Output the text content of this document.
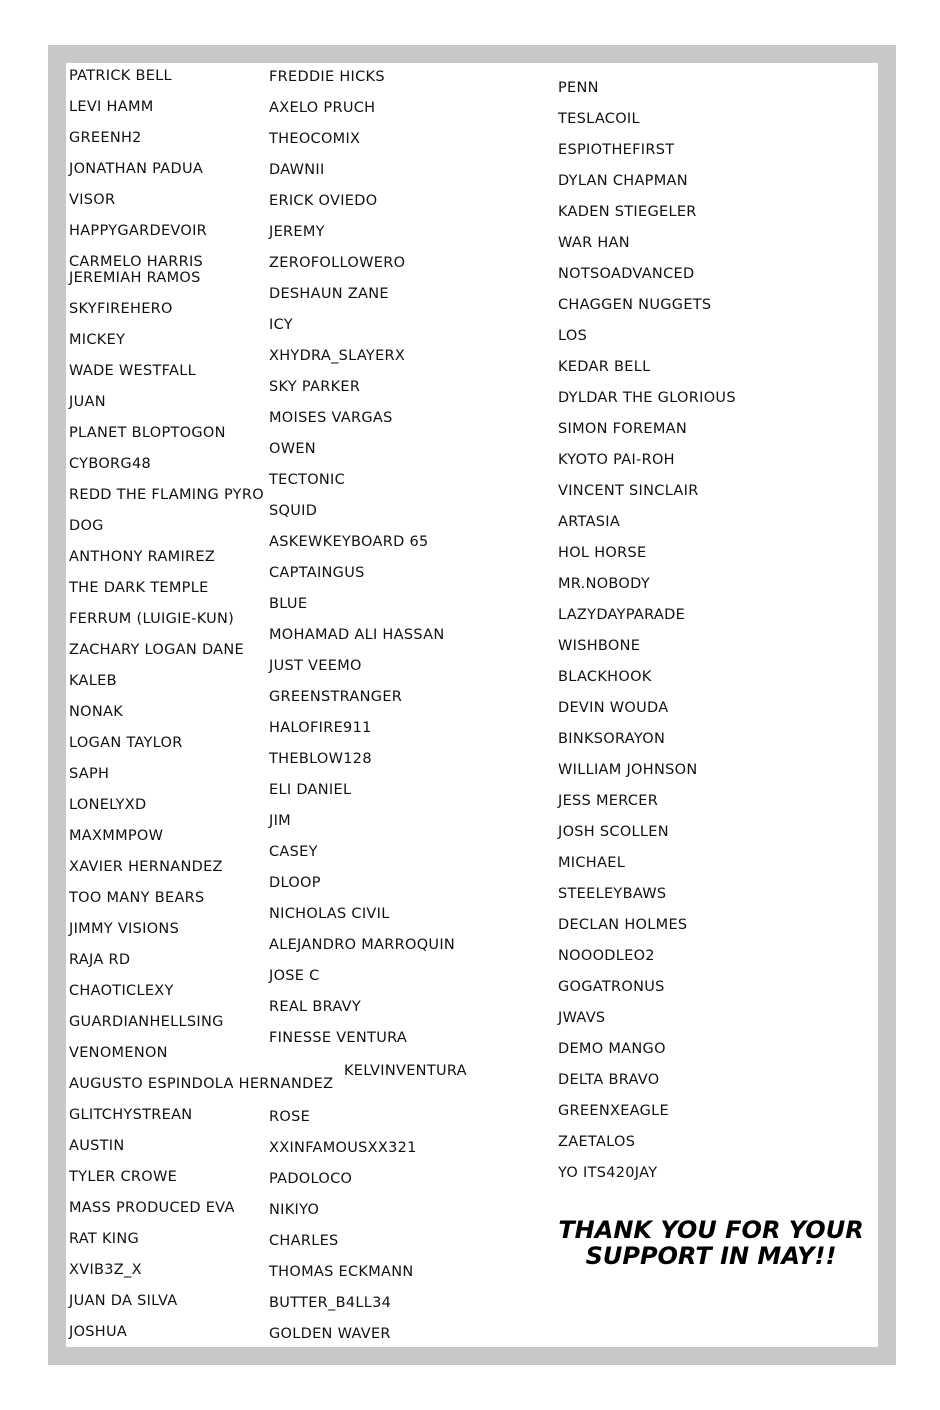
PATRICK BELL
LEVI HAMM
GREENH2
JONATHAN PADUA
VISOR
HAPPYGARDEVOIR
CARMELO HARRIS
JEREMIAH RAMOS
SKYFIREHERO
MICKEY
WADE WESTFALL
JUAN
PLANET BLOPTOGON
CYBORG48
REDD THE FLAMING PYRO
DOG
ANTHONY RAMIREZ
THE DARK TEMPLE
FERRUM (LUIGIE-KUN)
ZACHARY LOGAN DANE
KALEB
NONAK
LOGAN TAYLOR
SAPH
LONELYXD
MAXMMPOW
XAVIER HERNANDEZ
TOO MANY BEARS
JIMMY VISIONS
RAJA RD
CHAOTICLEXY
GUARDIANHELLSING
VENOMENON
AUGUSTO ESPINDOLA HERNANDEZ
GLITCHYSTREAN
AUSTIN
TYLER CROWE
MASS PRODUCED EVA
RAT KING
XVIB3Z_X
JUAN DA SILVA
JOSHUA
FREDDIE HICKS
AXELO PRUCH
THEOCOMIX
DAWNII
ERICK OVIEDO
JEREMY
ZEROFOLLOWERO
DESHAUN ZANE
ICY
XHYDRA_SLAYERX
SKY PARKER
MOISES VARGAS
OWEN
TECTONIC
SQUID
ASKEWKEYBOARD 65
CAPTAINGUS
BLUE
MOHAMAD ALI HASSAN
JUST VEEMO
GREENSTRANGER
HALOFIRE911
THEBLOW128
ELI DANIEL
JIM
CASEY
DLOOP
NICHOLAS CIVIL
ALEJANDRO MARROQUIN
JOSE C
REAL BRAVY
FINESSE VENTURA
KELVINVENTURA
ROSE
XXINFAMOUSXX321
PADOLOCO
NIKIYO
CHARLES
THOMAS ECKMANN
BUTTER_B4LL34
GOLDEN WAVER
PENN
TESLACOIL
ESPIOTHEFIRST
DYLAN CHAPMAN
KADEN STIEGELER
WAR HAN
NOTSOADVANCED
CHAGGEN NUGGETS
LOS
KEDAR BELL
DYLDAR THE GLORIOUS
SIMON FOREMAN
KYOTO PAI-ROH
VINCENT SINCLAIR
ARTASIA
HOL HORSE
MR.NOBODY
LAZYDAYPARADE
WISHBONE
BLACKHOOK
DEVIN WOUDA
BINKSORAYON
WILLIAM JOHNSON
JESS MERCER
JOSH SCOLLEN
MICHAEL
STEELEYBAWS
DECLAN HOLMES
NOOODLEO2
GOGATRONUS
JWAVS
DEMO MANGO
DELTA BRAVO
GREENXEAGLE
ZAETALOS
YO ITS420JAY
THANK YOU FOR YOUR SUPPORT IN MAY!!
